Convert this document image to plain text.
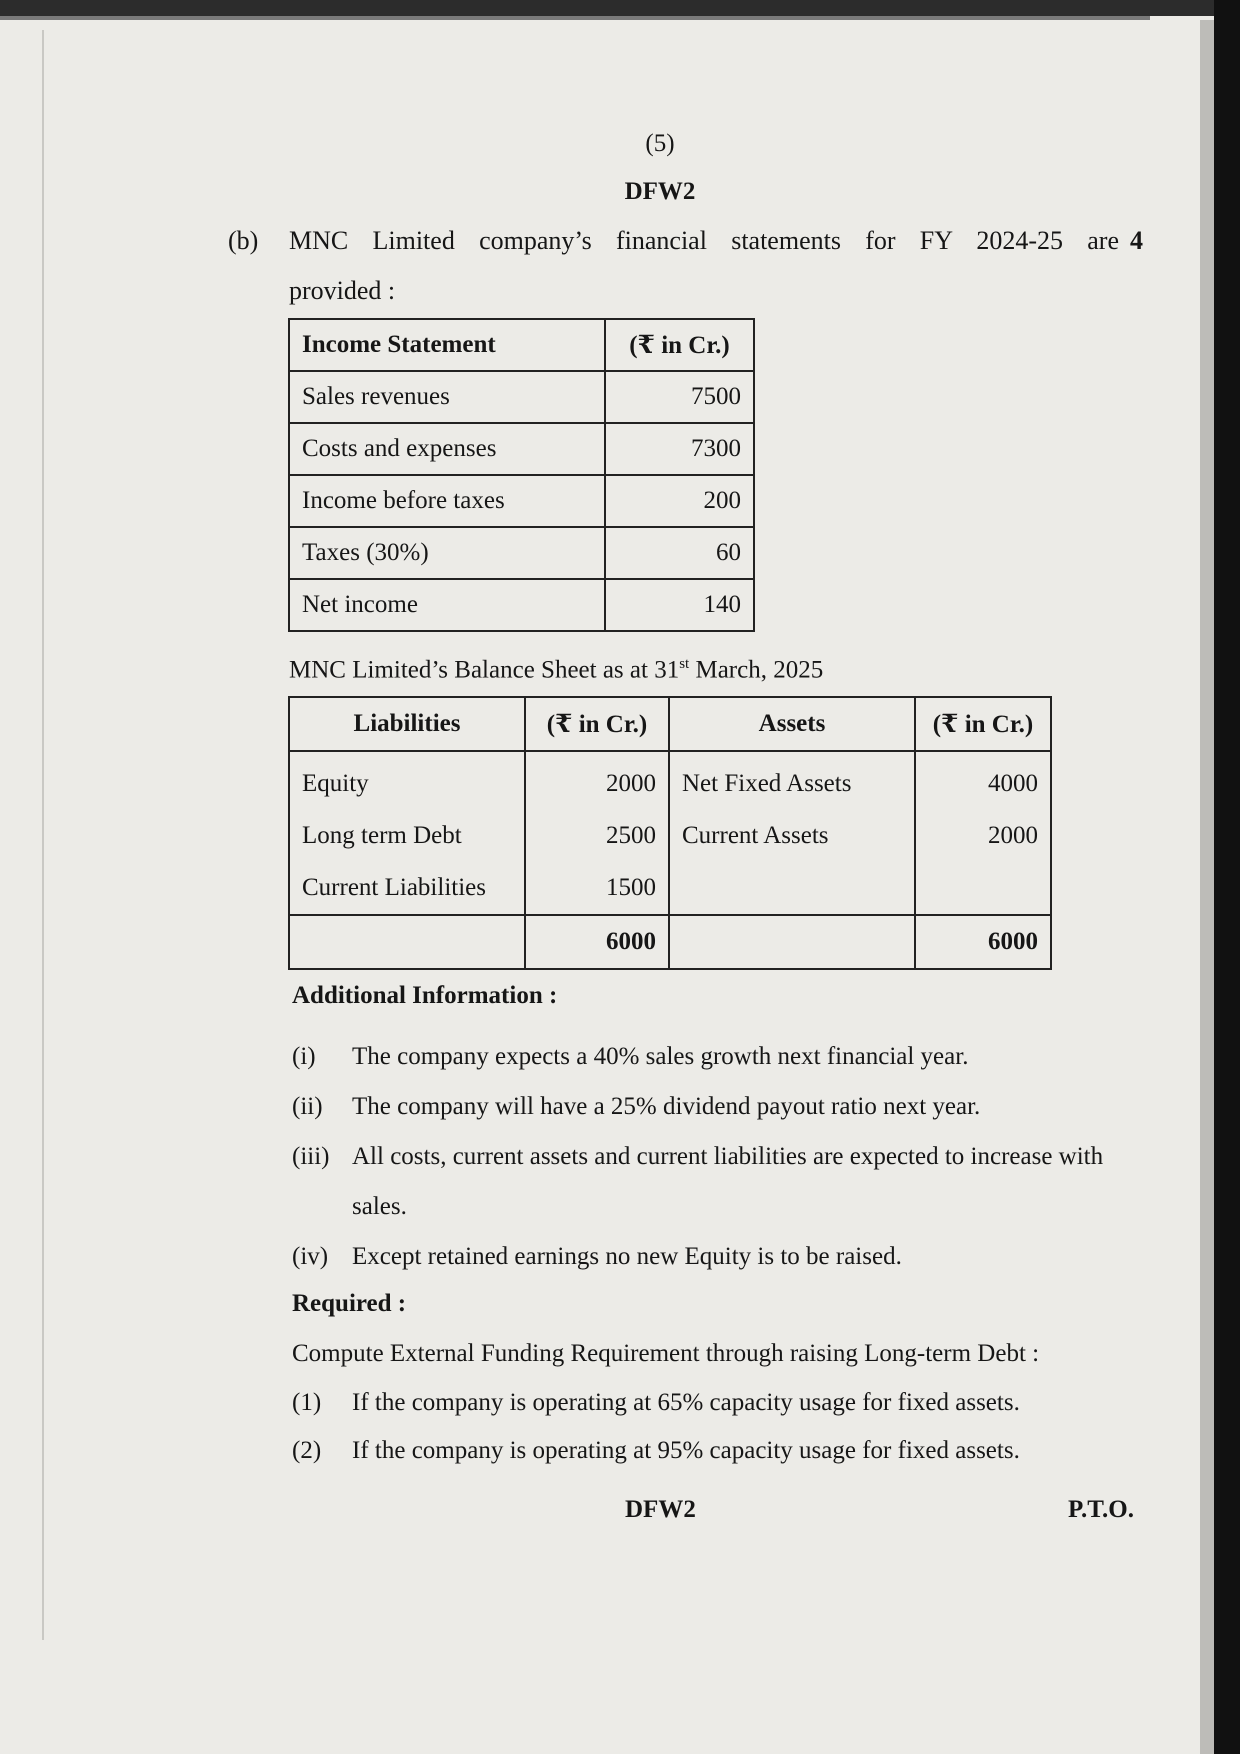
(5)
DFW2
(b) MNC Limited company’s financial statements for FY 2024-25 are 4
provided :
Income Statement	(₹ in Cr.)
Sales revenues	7500
Costs and expenses	7300
Income before taxes	200
Taxes (30%)	60
Net income	140
MNC Limited’s Balance Sheet as at 31st March, 2025
Liabilities	(₹ in Cr.)	Assets	(₹ in Cr.)
Equity	2000	Net Fixed Assets	4000
Long term Debt	2500	Current Assets	2000
Current Liabilities	1500		
	6000		6000
Additional Information :
(i)	The company expects a 40% sales growth next financial year.
(ii)	The company will have a 25% dividend payout ratio next year.
(iii) All costs, current assets and current liabilities are expected to increase with sales.
(iv) Except retained earnings no new Equity is to be raised.
Required :
Compute External Funding Requirement through raising Long-term Debt :
(1)	If the company is operating at 65% capacity usage for fixed assets.
(2)	If the company is operating at 95% capacity usage for fixed assets.
DFW2	P.T.O.
